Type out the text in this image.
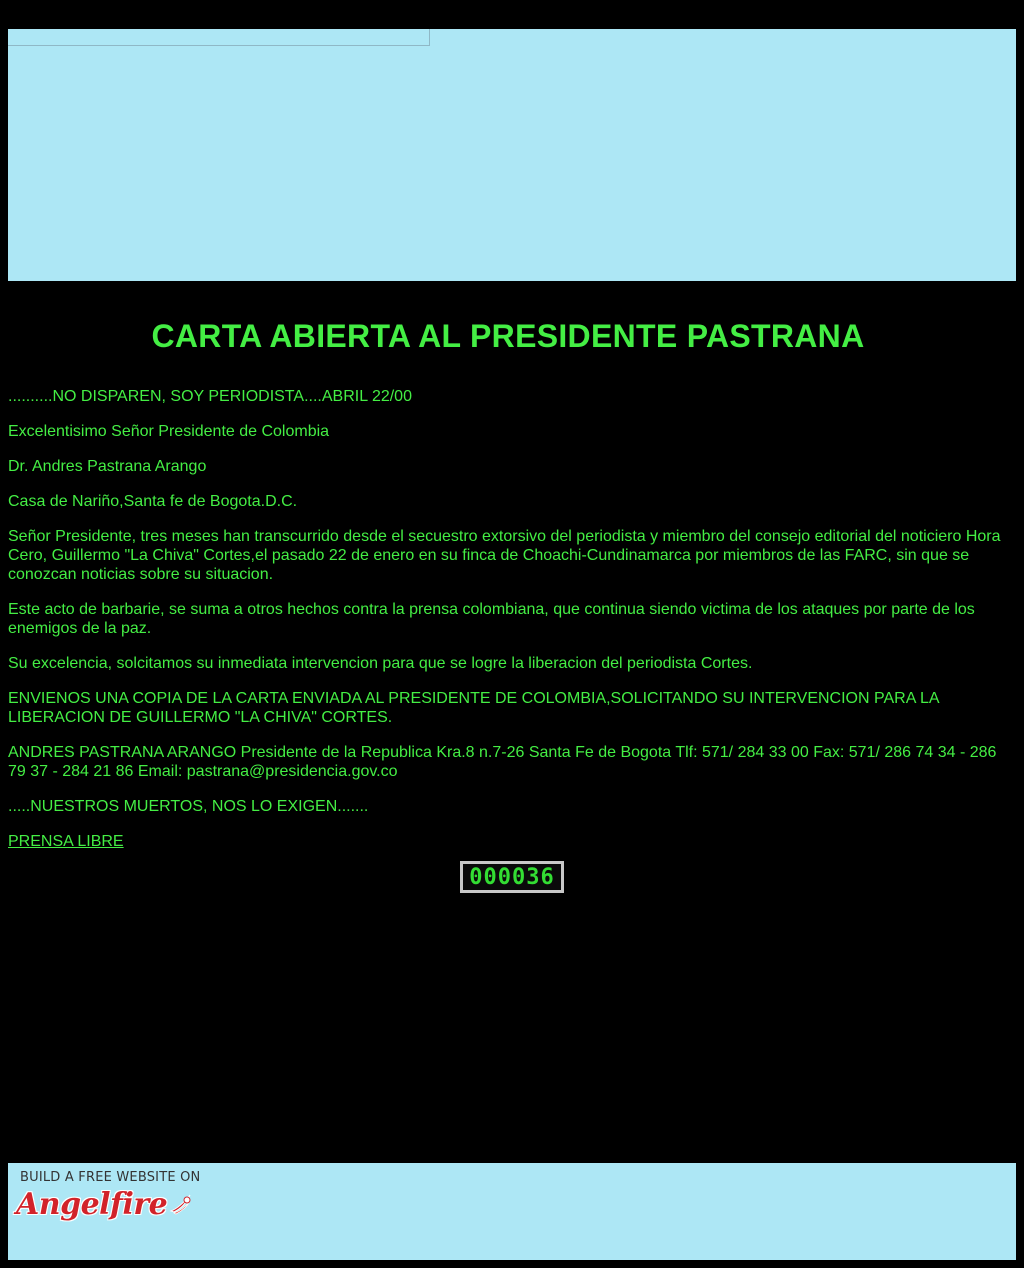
CARTA ABIERTA AL PRESIDENTE PASTRANA

..........NO DISPAREN, SOY PERIODISTA....ABRIL 22/00

Excelentisimo Señor Presidente de Colombia

Dr. Andres Pastrana Arango

Casa de Nariño,Santa fe de Bogota.D.C.

Señor Presidente, tres meses han transcurrido desde el secuestro extorsivo del periodista y miembro del consejo editorial del noticiero Hora Cero, Guillermo "La Chiva" Cortes,el pasado 22 de enero en su finca de Choachi-Cundinamarca por miembros de las FARC, sin que se conozcan noticias sobre su situacion.

Este acto de barbarie, se suma a otros hechos contra la prensa colombiana, que continua siendo victima de los ataques por parte de los enemigos de la paz.

Su excelencia, solcitamos su inmediata intervencion para que se logre la liberacion del periodista Cortes.

ENVIENOS UNA COPIA DE LA CARTA ENVIADA AL PRESIDENTE DE COLOMBIA,SOLICITANDO SU INTERVENCION PARA LA LIBERACION DE GUILLERMO "LA CHIVA" CORTES.

ANDRES PASTRANA ARANGO Presidente de la Republica Kra.8 n.7-26 Santa Fe de Bogota Tlf: 571/ 284 33 00 Fax: 571/ 286 74 34 - 286 79 37 - 284 21 86 Email: pastrana@presidencia.gov.co

.....NUESTROS MUERTOS, NOS LO EXIGEN.......

PRENSA LIBRE

000036
BUILD A FREE WEBSITE ON
Angelfire
